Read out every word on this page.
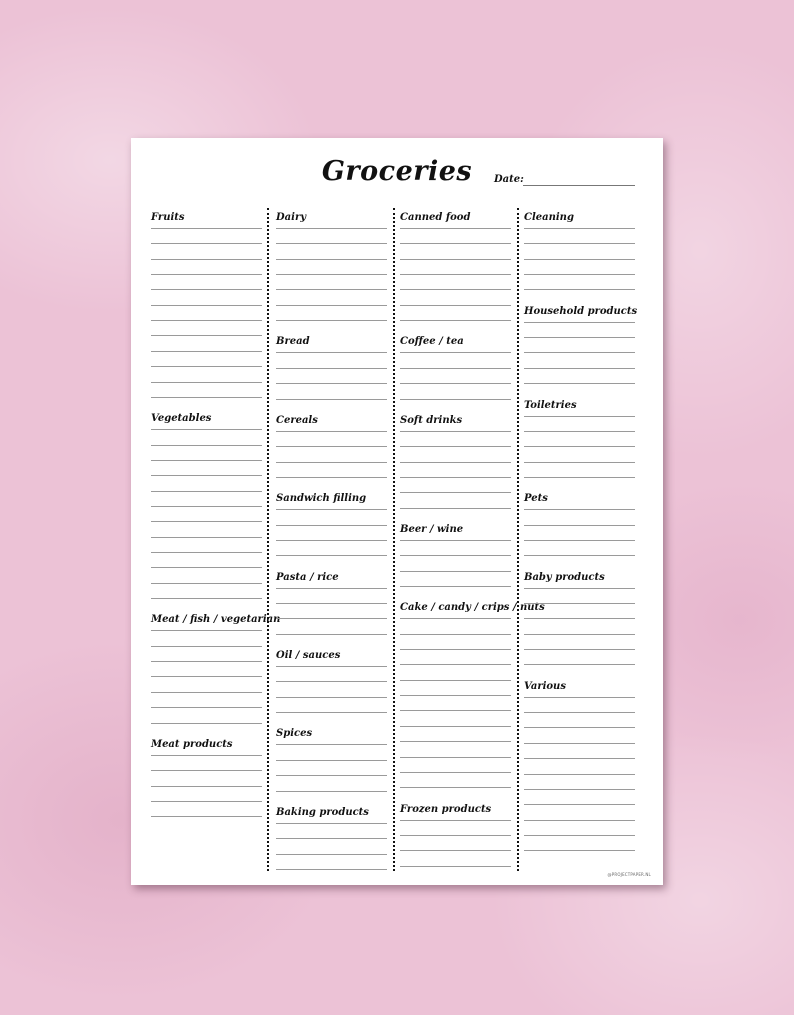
Groceries	Date:
Fruits
Vegetables
Meat / fish / vegetarian
Meat products
Dairy
Bread
Cereals
Sandwich filling
Pasta / rice
Oil / sauces
Spices
Baking products
Canned food
Coffee / tea
Soft drinks
Beer / wine
Cake / candy / crips / nuts
Frozen products
Cleaning
Household products
Toiletries
Pets
Baby products
Various
@PROJECTPAPER.NL
